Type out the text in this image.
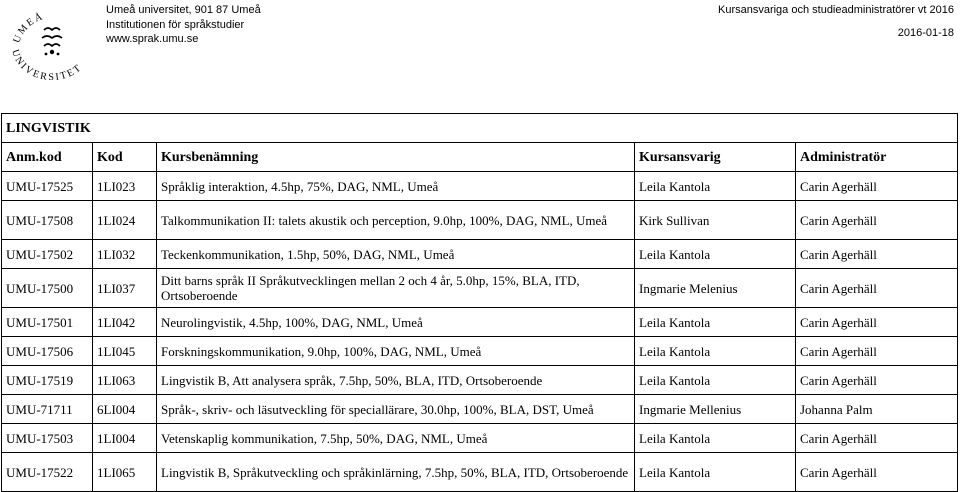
UMEÅ
UNIVERSITET
Umeå universitet, 901 87 Umeå
Institutionen för språkstudier
www.sprak.umu.se
Kursansvariga och studieadministratörer vt 2016
2016-01-18
LINGVISTIK				
Anm.kod	Kod	Kursbenämning	Kursansvarig	Administratör
UMU-17525	1LI023	Språklig interaktion, 4.5hp, 75%, DAG, NML, Umeå	Leila Kantola	Carin Agerhäll
UMU-17508	1LI024	Talkommunikation II: talets akustik och perception, 9.0hp, 100%, DAG, NML, Umeå	Kirk Sullivan	Carin Agerhäll
UMU-17502	1LI032	Teckenkommunikation, 1.5hp, 50%, DAG, NML, Umeå	Leila Kantola	Carin Agerhäll
UMU-17500	1LI037	Ditt barns språk II Språkutvecklingen mellan 2 och 4 år, 5.0hp, 15%, BLA, ITD, Ortsoberoende	Ingmarie Melenius	Carin Agerhäll
UMU-17501	1LI042	Neurolingvistik, 4.5hp, 100%, DAG, NML, Umeå	Leila Kantola	Carin Agerhäll
UMU-17506	1LI045	Forskningskommunikation, 9.0hp, 100%, DAG, NML, Umeå	Leila Kantola	Carin Agerhäll
UMU-17519	1LI063	Lingvistik B, Att analysera språk, 7.5hp, 50%, BLA, ITD, Ortsoberoende	Leila Kantola	Carin Agerhäll
UMU-71711	6LI004	Språk-, skriv- och läsutveckling för speciallärare, 30.0hp, 100%, BLA, DST, Umeå	Ingmarie Mellenius	Johanna Palm
UMU-17503	1LI004	Vetenskaplig kommunikation, 7.5hp, 50%, DAG, NML, Umeå	Leila Kantola	Carin Agerhäll
UMU-17522	1LI065	Lingvistik B, Språkutveckling och språkinlärning, 7.5hp, 50%, BLA, ITD, Ortsoberoende	Leila Kantola	Carin Agerhäll
